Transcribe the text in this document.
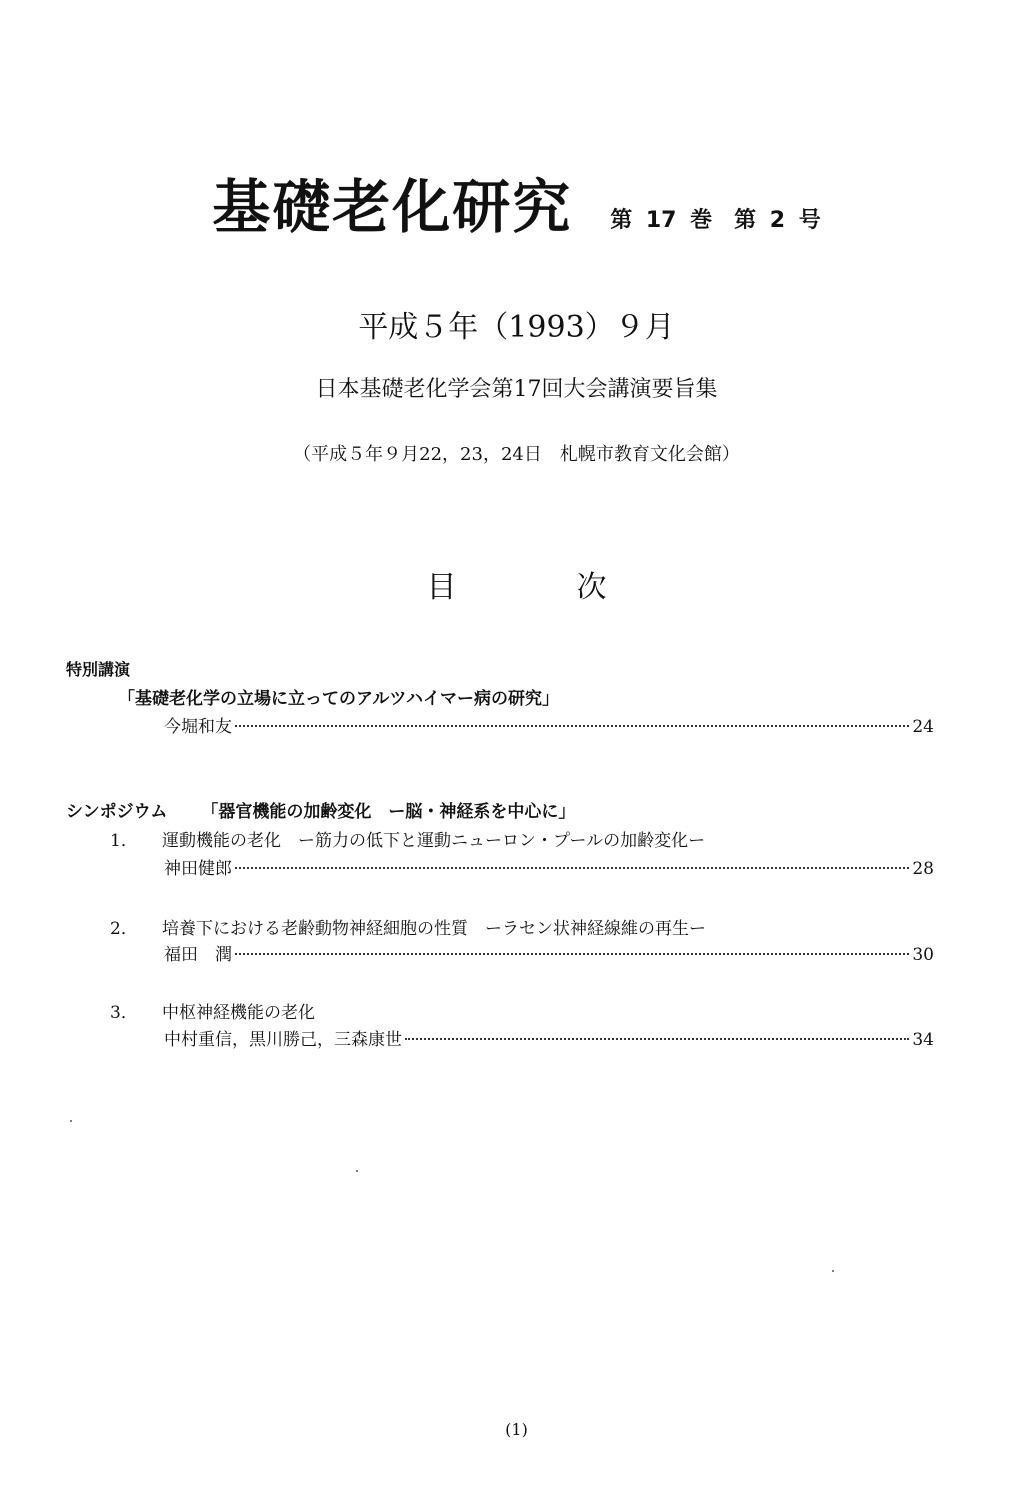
基礎老化研究 第 17 巻　第 2 号
平成５年（1993）９月
日本基礎老化学会第17回大会講演要旨集
（平成５年９月22，23，24日　札幌市教育文化会館）
目次
特別講演
「基礎老化学の立場に立ってのアルツハイマー病の研究」
今堀和友	24
シンポジウム 「器官機能の加齢変化　ー脳・神経系を中心に」
1． 運動機能の老化　ー筋力の低下と運動ニューロン・プールの加齢変化ー
神田健郎	28
2． 培養下における老齢動物神経細胞の性質　ーラセン状神経線維の再生ー
福田　潤	30
3． 中枢神経機能の老化
中村重信，黒川勝己，三森康世	34
(1)
